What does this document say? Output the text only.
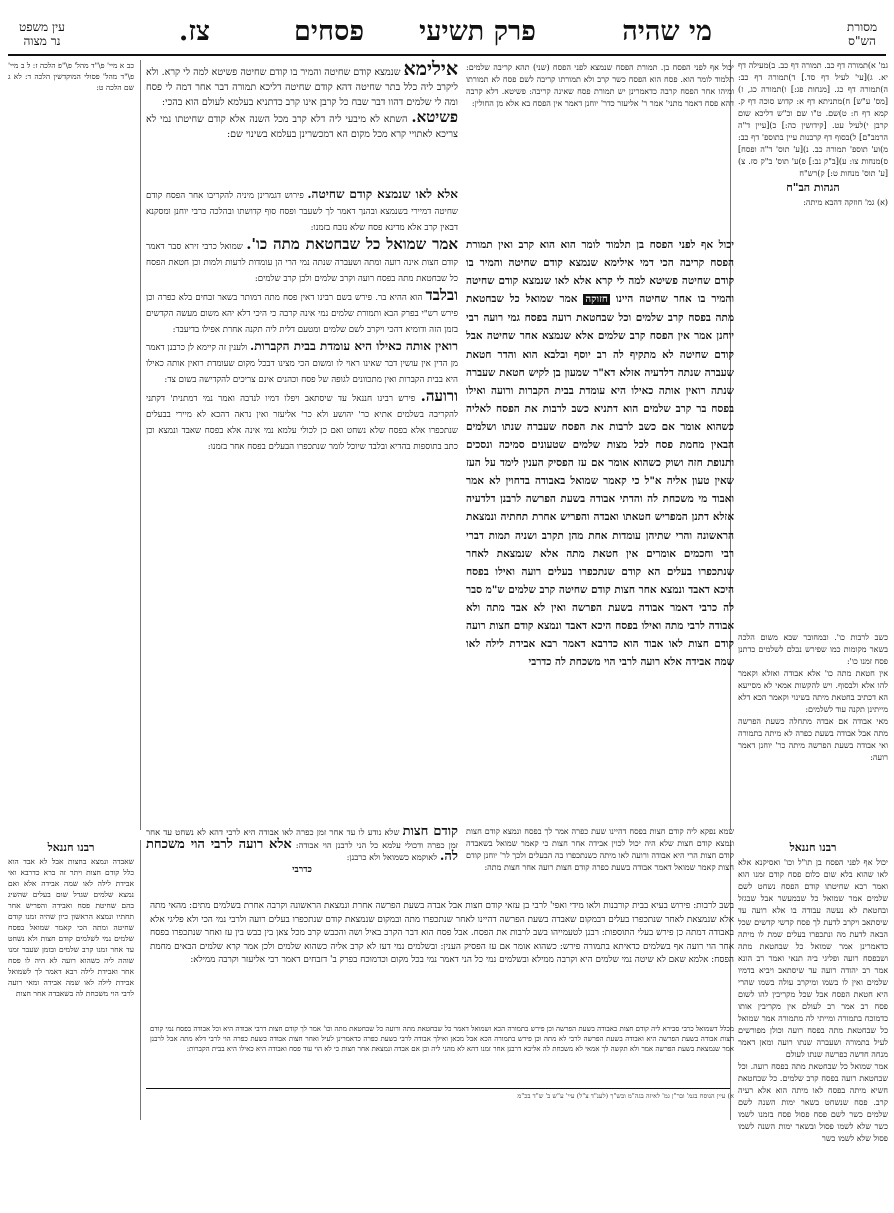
מסורת
הש"ס
מי שהיה
פרק תשיעי
פסחים
צז.
עין משפט
נר מצוה

גמ' א)תמורה דף כב. תמורה דף כב. ב)מעילה דף יא. ג)[עי' לעיל דף סד.] ד)תמורה דף כב: ה)תמורה דף כג. [מנחות פג:] ו)תמורה כג, ז)[מס' ע"ש] ח)מתניתא דף א: קדוש סוכה דף ק. קמא דף ח: ט)שם. ט"ו שם וכ"ש דליכא שום קרבן י)לעיל עט. [קידושין כה:] כ)[עיין ד"ה הרמב"ם] ל)בסוף דף קרבנות עיין בתוספ' דף כב: מ)וע' תוספ' תמורה כב. נ)[ע' תוס' ד"ה ופסח] ס)מנחות צו: ע)[ב"ק נב:] פ)ע' תוס' ב"ק סז. צ)[ע' תוס' מנחות ט:] ק)רש"ח

הגהות הב"ח

(א) גמ' חוזקה דהבא מיתה:

רבנו חננאל

יכול אף לפני הפסח בן תו"ל וכו' ואסיקנא אלא לאו שהוא בלא שום כלום פסח קודם זמנו הוא ואמר רבא שחיטתו קודם הפסח נשחט לשם שלמים אמר שמואל כל שבמעשר אבל שבגזל ובחטאת לא נעשה עבודה בו אלא רועה עד שיסתאב ויקרב לדעת לך פסח קדשי קדשים שכל הבאה לדעת מה ונתכפרו בעלים שמת לו מיתה כדאמרינן אמר שמואל כל שבחטאת מתה ושבפסח רועה ופליגי ביה תנאי ואמר רב הונא אמר רב יהודה רועה עד שיסתאב ויביא בדמיו שלמים ואין לו בשמו ומיקרב עולה בשמו שהרי היא חטאת הפסח אבל שכל מקריבין להו לשום פסח רב אמר רב לעולם אין מקריבין אותו כדמוכח בתמורה ומייתי לה מתמורה אמר שמואל כל שבחטאת מתה בפסח רועה וכולן מפורשים לעיל בתמורה ושעברה שנתו רועה ומאן דאמר מנחה חדשה כפרשה שנתו לעולם

אמר שמואל כל שבחטאת מתה בפסח רועה. וכל שבחטאת רועה בפסח קרב שלמים. כל שבחטאת חשיא מיתה בפסח לאו מיתה הוא אלא רעיה קרב. פסח שנשחט בשאר ימות השנה לשם שלמים כשר לשם פסח פסול פסח בזמנו לשמו כשר שלא לשמו פסול ובשאר ימות השנה לשמו פסול שלא לשמו כשר

כב א מיי' פ\"ד מהל' פ\"פ הלכה ז: ל ב מיי' פ\"ד מהל' פסולי המוקדשין הלכה ד: לא ג שם הלכה ט:

יכול אף לפני הפסח בן. תמורת הפסח שנמצא לפני הפסח (שני) תהא קריבה שלמים: תלמוד לומר הוא. פסח הוא הפסח כשר קרב ולא תמורתו קריבה לשם פסח לא תמורתו ומיהו אחר הפסח קרבה כדאמרינן יש תמורת פסח שאינה קריבה: פשיטא. דלא קרבה דהא פסח דאמר מתני' אמר ר' אליעזר כדר' יוחנן דאמר אין הפסח בא אלא מן החולין:

יכול אף לפני הפסח בן תלמוד לומר הוא הוא קרב ואין תמורת הפסח קריבה הכי דמי אילימא שנמצא קודם שחיטה והמיר בו קודם שחיטה פשיטא למה לי קרא אלא לאו שנמצא קודם שחיטה והמיר בו אחר שחיטה היינו חזוקה אמר שמואל כל שבחטאת מתה בפסח קרב שלמים וכל שבחטאת רועה בפסח גמי רועה רבי יוחנן אמר אין הפסח קרב שלמים אלא שנמצא אחר שחיטה אבל קודם שחיטה לא מתקיף לה רב יוסף ובלבא הוא והדר חטאת שעברה שנתה דלדעיה אזלא דא"ר שמעון בן לקיש חטאת שעברה שנתה רואין אותה כאילו היא עומדת בבית הקברות ורועה ואילו בפסח בר קרב שלמים הוא דתניא כשב לרבות את הפסח לאליה כשהוא אומר אם כשב לרבות את הפסח שעברה שנתו ושלמים הבאין מחמת פסח לכל מצות שלמים שטעונים סמיכה ונסכים ותנופת חזה ושוק כשהוא אומר אם עז הפסיק הענין לימד על העז שאין טעון אליה א"ל כי קאמר שמואל באבודה בדחוין לא אמר ואבוד מי משכחת לה והדתי אבודה בשעת הפרשה לרבנן דלדעיה אזלא דתנן המפריש חטאתו ואבדה והפריש אחרת תחתיה ונמצאת הראשונה והרי שתיהן עומדות אחת מהן תקרב ושניה תמות דברי רבי וחכמים אומרים אין חטאת מתה אלא שנמצאת לאחר שנתכפרו בעלים הא קודם שנתכפרו בעלים רועה ואילו בפסח היכא דאבד ונמצא אחר חצות קודם שחיטה קרב שלמים ש"מ סבר לה כרבי דאמר אבודה בשעת הפרשה ואין לא אבד מתה ולא אבודה לרבי מתה ואילו בפסח היכא דאבד ונמצא קודם חצות רועה קודם חצות לאו אבוד הוא כדרבא דאמר רבא אבידת לילה לאו שמה אבידה אלא רועה לרבי הוי משכחת לה כדרבי
אילימא שנמצא קודם שחיטה והמיר בו קודם שחיטה פשיטא למה לי קרא. ולא ליקרב ליה כלל בתר שחיטה דהא קודם שחיטה דליכא תמורה דבר אחר דמה לי פסח ומה לי שלמים דהוו דבר שבח כל קרבן אינו קרב כדתניא בעלמא לעולם הוא בהכי:
פשיטא. השתא לא מיבעי ליה דלא קרב מכל השנה אלא קודם שחיטתו נמי לא צריכא לאתויי קרא מכל מקום הא דמכשרינן בעלמא בשינוי שם:

אלא לאו שנמצא קודם שחיטה. פירוש דגמרינן מיניה להקריבו אחר הפסח קודם שחיטה דמיירי בשנמצא ובהנך דאמר לך לשעבר ופסח סוף קדושתו ובהלכה כרבי יוחנן ומסקנא דבאין קרב אלא מדינא פסח שלא נזבח בזמנו:

אמר שמואל כל שבחטאת מתה כו'. שמואל כרבי זירא סבר דאמר קודם חצות אינה רועה ומתה ושעברה שנתה נמי הרי הן עומדות לרעות ולמות וכן חטאת הפסח כל שבחטאת מתה בפסח רועה וקרב שלמים ולכן קרב שלמים:

ובלבד הוא ההיא בר. פירש בשם רבינו דאין פסח מתה דמותר בשאר זבחים בלא כפרה וכן פירש רש"י בפרק הבא ותמורת שלמים נמי אינה קרבה כי היכי דלא יהא משום מעשה הקדשים בזמן הזה ודומיא דהכי ויקרב לשם שלמים ומטעם דלית ליה תקנה אחרת אפילו בדיעבד:

רואין אותה כאילו היא עומדת בבית הקברות. ולענין זה קיימא לן כרבנן דאמר מן הדין אין עושין דבר שאינו ראוי לו ומשום הכי מצינו דבכל מקום שעומדת רואין אותה כאילו היא בבית הקברות ואין מתכוונים לגופה של פסח וכהנים אינם צריכים להקדישה בשום צד:

ורועה. פירש רבינו חננאל עד שיסתאב ויפלו דמיו לנדבה ואמר נמי דמתנית' דקתני להקריבה בשלמים אתיא כר' יהושע ולא כר' אליעזר ואין נראה דהכא לא מיירי בבעלים שנתכפרו אלא בפסח שלא נשחט ואם כן לכולי עלמא נמי אינה אלא בפסח שאבד ונמצא וכן כתב בתוספות בהדיא ובלבד שיוכל לומר שנתכפרו הבעלים בפסח אחר בזמנו:

כשב לרבות כו'. ובמחובר שבא משום הלכה בשאר מקומות כמו שפירש נבלם לשלמים כדתנן פסח זמנו כו':

אין חטאת מתה כו' אלא אבודה ואזלא וקאמר להו אלא ולבסוף. ויש להקשות אמאי לא מסייעא הא דכתיב בחטאת מיתה בשינוי וקאמר הכא דלא מייתינן תקנה עוד לשלמים:

מאי אבודה אם אבדה מתחלה כשעת הפרשה מתה אבל אבודה בשעת כפרה לא מיתה בתמורה ואי אבודה בשעת הפרשה מיתה כר' יוחנן דאמר רועה:

שמא נפקא ליה קודם חצות בפסח דהיינו שעת כפרה אמר לך בפסח ונמצא קודם חצות ונמצא קודם חצות שלא היה יכול לכוין אבידה אחר חצות כי קאמר שמואל בשאבדה קודם חצות הרי היא אבודה ורועה לאו מיתה כשנתכפרו בה הבעלים ולכך לר' יוחנן קודם חצות קאמר שמואל דאמר אבודה בשעת כפרה קודם חצות רועה אחר חצות מתה:

קודם חצות שלא נודע לו עד אחר זמן כפרה לאו אבודה היא לרבי דהא לא נשחט עד אחר זמן כפרה ודכולי עלמא כל הני לרבנן הוי אבודה: אלא רועה לרבי הוי משכחת לה. לאוקמא כשמואל ולא כרבנן:
כדרבי

בשב לרבות: פירוש בעיא בבית קורבנות ולאו מידי ואפי' לרבי בן עזאי קודם חצות אבל אבדה בשעת הפרשה אחרת ונמצאת הראשונה וקרבה אחרת בשלמים מתים: מהאי מתה אלא שנמצאת לאחר שנתכפרו בעלים דבמקום שאבדה בשעת הפרשה דהיינו לאחר שנתכפרו מתה ובמקום שנמצאת קודם שנתכפרו בעלים רועה ולרבי נמי הכי ולא פליגי אלא באבודה דמתה כן פירש בעלי התוספות: רבנן לטעמייהו בשב לרבות את הפסח. אבל פסח הוא דבר הקרב באיל ושה והכבש קרב מכל צאן בין כבש בין עז ואחר שנתכפרו בפסח אחר הוי רועה אף בשלמים כדאיתא בתמורה פירש: כשהוא אומר אם עז הפסיק הענין: ובשלמים נמי דעז לא קרב אליה כשהוא שלמים ולכן אמר קרא שלמים הבאים מחמת הפסח: אלמא שאם לא שיטה נמי שלמים היא וקרבה ממילא ובשלמים נמי כל הני דאמר נמי בכל מקום וכדמוכח בפרק ב' דזבחים דאמר רבי אליעזר וקרבה ממילא:

רבנו חננאל

שאבדה ונמצא בחצות אבל לא אבד הוא כלל קודם חצות ויתר זה ברא כדרבא ואי אבידת לילה לאו שמה אבידה אלא ואם נמצא שלמים שגדל שום בעלים שהשיג בהם שחיטת פסח ואבידה והפריש אחר תחתיו ונמצא הראשון כיון שהיה זמנו קודם שחיטה ומתה הכי קאמר שמואל בפסח שלמים נמי לשלמים קודם חצות ולא נשחט עד אחר זמנו קרב שלמים ובזמן שעבר זמנו שוהה ליה כשהוא רועה לא היה לו פסח אחר ואבידת לילה רבא דאמר לך לשמואל אבידת לילה לאו שמה אבידה ומאי רועה לרבי הוי משכחת לה בשאבדה אחר חצות

מכלל דשמואל כרבי סבירא ליה קודם חצות כאבודה בשעת הפרשה וכן פירש בתמורה הכא ושמואל דאמר כל שבחטאת מתה ורועה כל שבחטאת מתה וכו' אמר לך קודם חצות דרבי אבודה היא וכל אבודה בפסח נמי קודם חצות אבודה בשעת הפרשה היא ואבודה בשעת הפרשה לרבי לא מתה וכן פירש בתמורה הכא אבל מכאן ואילך אבודה לרבי בשעת כפרה כדאמרינן לעיל ואחר חצות אבודה בשעת כפרה הוי לרבי דלא מתה אבל לרבנן אמר שנמצאת בשעת הפרשה אמר ולא תקשה לך אמאי לא משכחת לה אליבא דרבנן אחר זמנו דהא לא מהני ליה וכן אם אבדה ונמצאת אחר חצות כי לא הוי עוד פסח ואבודה היא כאילו היא בבית הקברות:

א) עיין הנוסח בגמ' ובר"ן גמ' לאיזה בגה"מ ובש"ך (לענ"ד צ"ל) עיי' ע"ש ב' ש"ד בכ"מ
